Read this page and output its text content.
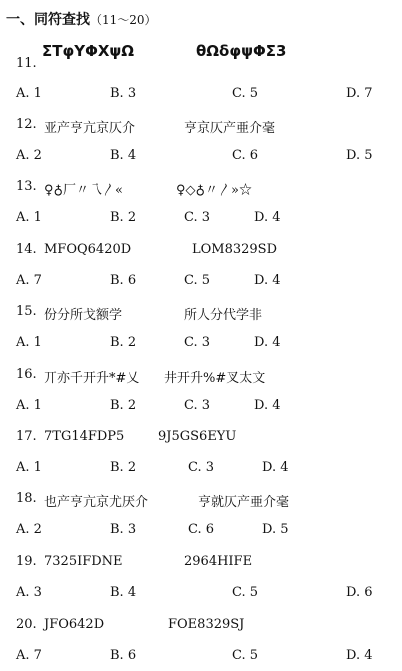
一、同符查找（11～20）
11.
ΣΤφΥΦΧψΩ	θΩδφψΦΣ3
A. 1	B. 3	C. 5	D. 7
12. 亚产亨亢京仄介	亨京仄产亜介毫
A. 2	B. 4	C. 6	D. 5
13. ♀♁厂〃乁〳«	♀◇♁〃〳»☆
A. 1	B. 2	C. 3	D. 4
14. MFOQ6420D	LOM8329SD
A. 7	B. 6	C. 5	D. 4
15. 份分所戈额学	所人分代学非
A. 1	B. 2	C. 3	D. 4
16. 丌亦千开升*#乂 井开升%#叉太文
A. 1	B. 2	C. 3	D. 4
17. 7TG14FDP5	9J5GS6EYU
A. 1	B. 2	C. 3	D. 4
18. 也产亨亢京尤厌介	亨就仄产亜介毫
A. 2	B. 3	C. 6	D. 5
19. 7325IFDNE	2964HIFE
A. 3	B. 4	C. 5	D. 6
20. JFO642D	FOE8329SJ
A. 7	B. 6	C. 5	D. 4
